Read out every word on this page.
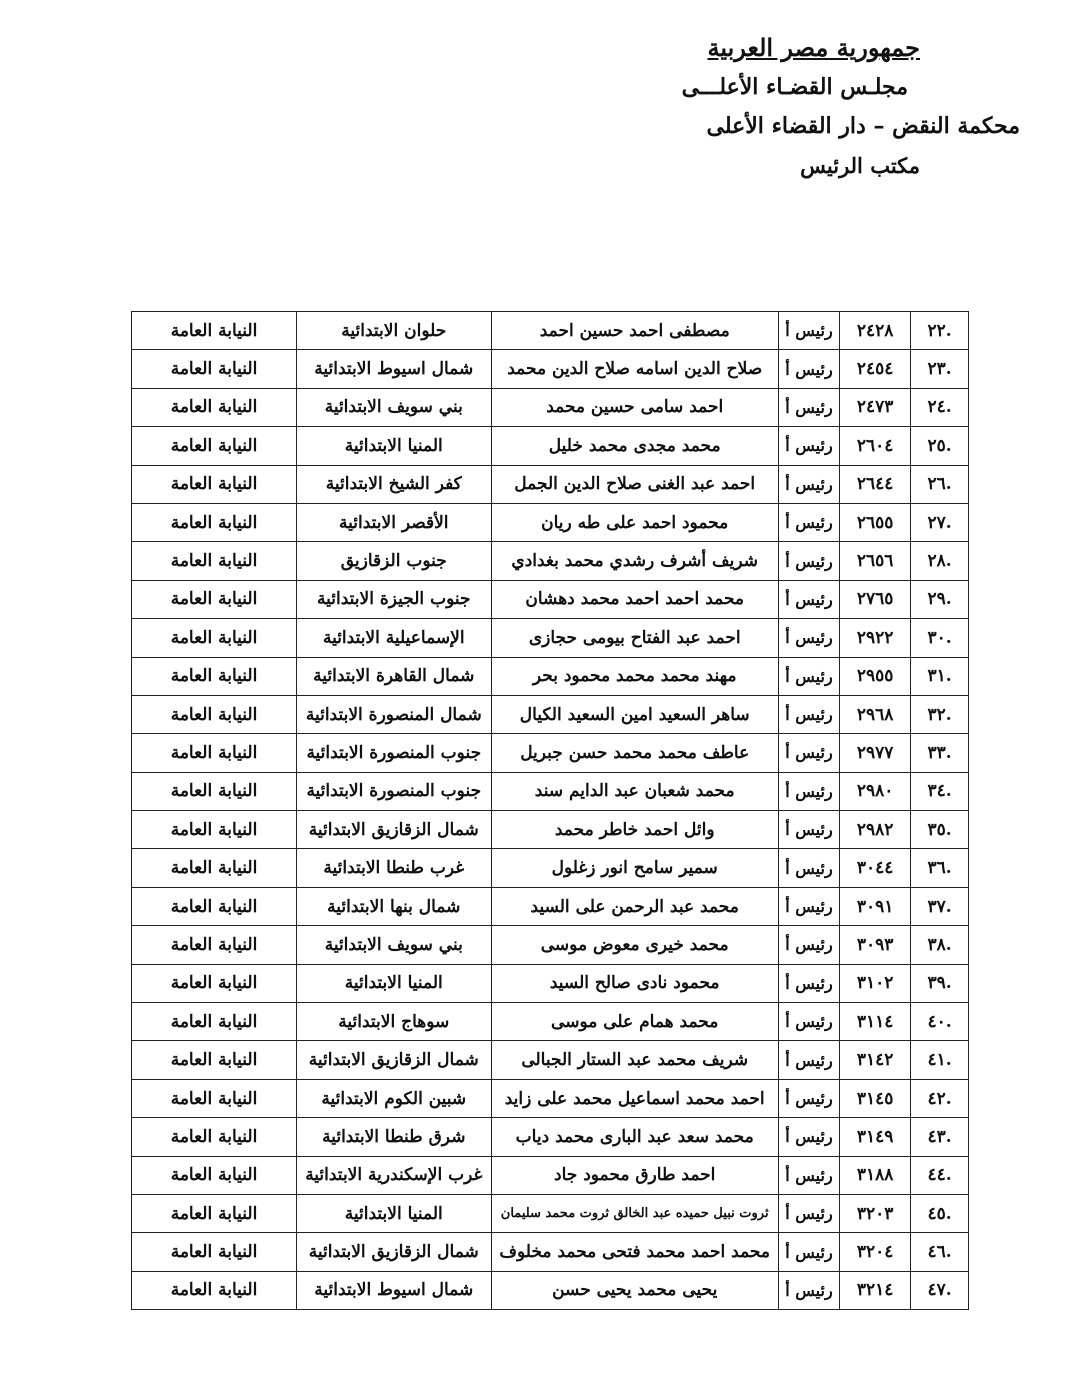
جمهورية مصر العربية
مجلـس القضـاء الأعلـــى
محكمة النقض – دار القضاء الأعلى
مكتب الرئيس
.٢٢	٢٤٢٨	رئيس أ	مصطفى احمد حسين احمد	حلوان الابتدائية	النيابة العامة
.٢٣	٢٤٥٤	رئيس أ	صلاح الدين اسامه صلاح الدين محمد	شمال اسيوط الابتدائية	النيابة العامة
.٢٤	٢٤٧٣	رئيس أ	احمد سامى حسين محمد	بني سويف الابتدائية	النيابة العامة
.٢٥	٢٦٠٤	رئيس أ	محمد مجدى محمد خليل	المنيا الابتدائية	النيابة العامة
.٢٦	٢٦٤٤	رئيس أ	احمد عبد الغنى صلاح الدين الجمل	كفر الشيخ الابتدائية	النيابة العامة
.٢٧	٢٦٥٥	رئيس أ	محمود احمد على طه ريان	الأقصر الابتدائية	النيابة العامة
.٢٨	٢٦٥٦	رئيس أ	شريف أشرف رشدي محمد بغدادي	جنوب الزقازيق	النيابة العامة
.٢٩	٢٧٦٥	رئيس أ	محمد احمد احمد محمد دهشان	جنوب الجيزة الابتدائية	النيابة العامة
.٣٠	٢٩٢٢	رئيس أ	احمد عبد الفتاح بيومى حجازى	الإسماعيلية الابتدائية	النيابة العامة
.٣١	٢٩٥٥	رئيس أ	مهند محمد محمد محمود بحر	شمال القاهرة الابتدائية	النيابة العامة
.٣٢	٢٩٦٨	رئيس أ	ساهر السعيد امين السعيد الكيال	شمال المنصورة الابتدائية	النيابة العامة
.٣٣	٢٩٧٧	رئيس أ	عاطف محمد محمد حسن جبريل	جنوب المنصورة الابتدائية	النيابة العامة
.٣٤	٢٩٨٠	رئيس أ	محمد شعبان عبد الدايم سند	جنوب المنصورة الابتدائية	النيابة العامة
.٣٥	٢٩٨٢	رئيس أ	وائل احمد خاطر محمد	شمال الزقازيق الابتدائية	النيابة العامة
.٣٦	٣٠٤٤	رئيس أ	سمير سامح انور زغلول	غرب طنطا الابتدائية	النيابة العامة
.٣٧	٣٠٩١	رئيس أ	محمد عبد الرحمن على السيد	شمال بنها الابتدائية	النيابة العامة
.٣٨	٣٠٩٣	رئيس أ	محمد خيرى معوض موسى	بني سويف الابتدائية	النيابة العامة
.٣٩	٣١٠٢	رئيس أ	محمود نادى صالح السيد	المنيا الابتدائية	النيابة العامة
.٤٠	٣١١٤	رئيس أ	محمد همام على موسى	سوهاج الابتدائية	النيابة العامة
.٤١	٣١٤٢	رئيس أ	شريف محمد عبد الستار الجبالى	شمال الزقازيق الابتدائية	النيابة العامة
.٤٢	٣١٤٥	رئيس أ	احمد محمد اسماعيل محمد على زايد	شبين الكوم الابتدائية	النيابة العامة
.٤٣	٣١٤٩	رئيس أ	محمد سعد عبد البارى محمد دياب	شرق طنطا الابتدائية	النيابة العامة
.٤٤	٣١٨٨	رئيس أ	احمد طارق محمود جاد	غرب الإسكندرية الابتدائية	النيابة العامة
.٤٥	٣٢٠٣	رئيس أ	ثروت نبيل حميده عبد الخالق ثروت محمد سليمان	المنيا الابتدائية	النيابة العامة
.٤٦	٣٢٠٤	رئيس أ	محمد احمد محمد فتحى محمد مخلوف	شمال الزقازيق الابتدائية	النيابة العامة
.٤٧	٣٢١٤	رئيس أ	يحيى محمد يحيى حسن	شمال اسيوط الابتدائية	النيابة العامة
